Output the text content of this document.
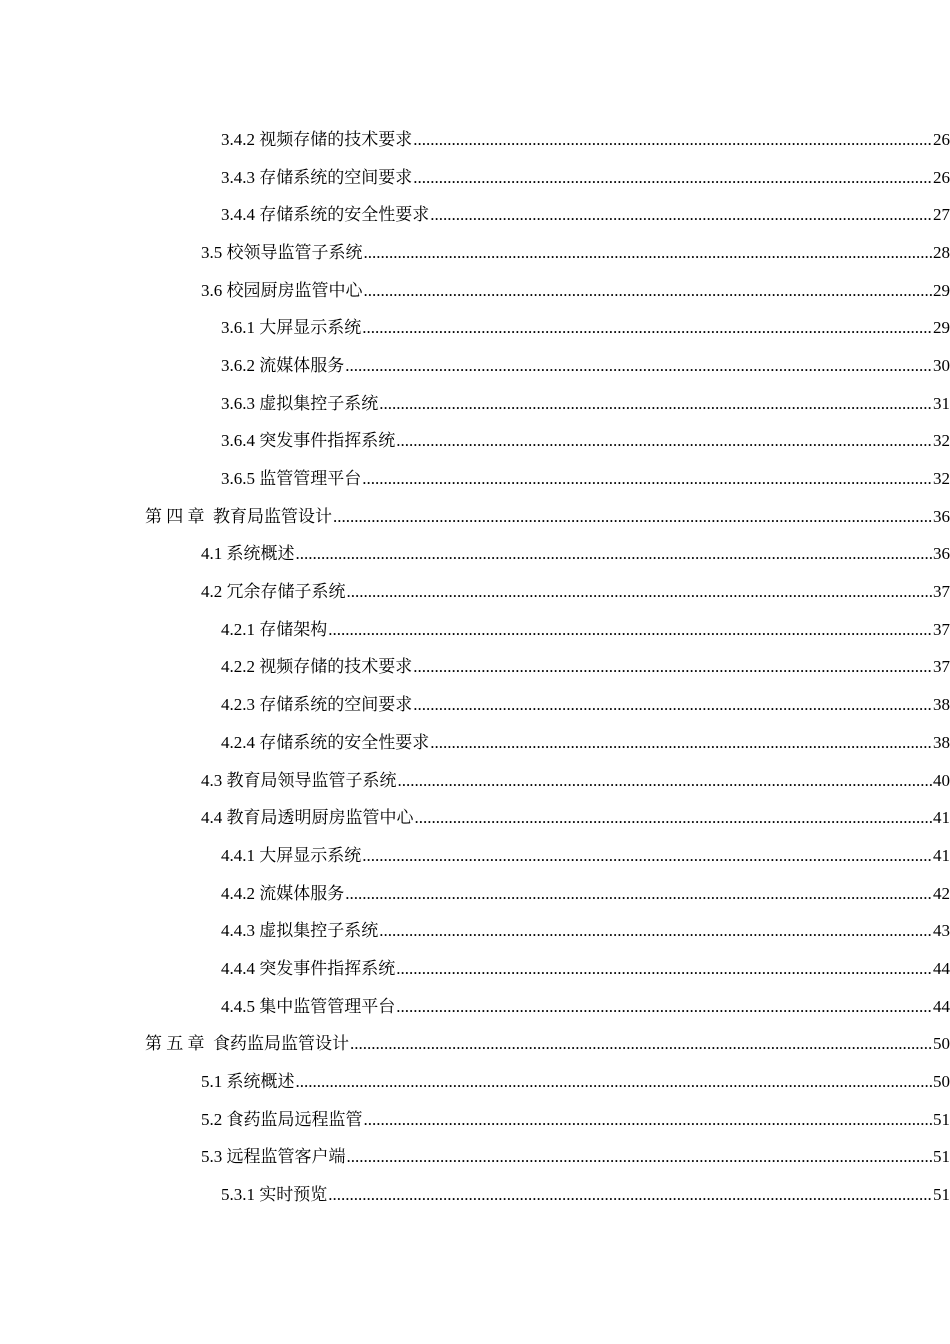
3.4.2 视频存储的技术要求 .....	26
3.4.3 存储系统的空间要求 .....	26
3.4.4 存储系统的安全性要求 .....	27
3.5 校领导监管子系统 .....	28
3.6 校园厨房监管中心 .....	29
3.6.1 大屏显示系统 .....	29
3.6.2 流媒体服务 .....	30
3.6.3 虚拟集控子系统 .....	31
3.6.4 突发事件指挥系统 .....	32
3.6.5 监管管理平台 .....	32
第 四 章  教育局监管设计 .....	36
4.1 系统概述 .....	36
4.2 冗余存储子系统 .....	37
4.2.1 存储架构 .....	37
4.2.2 视频存储的技术要求 .....	37
4.2.3 存储系统的空间要求 .....	38
4.2.4 存储系统的安全性要求 .....	38
4.3 教育局领导监管子系统 .....	40
4.4 教育局透明厨房监管中心 .....	41
4.4.1 大屏显示系统 .....	41
4.4.2 流媒体服务 .....	42
4.4.3 虚拟集控子系统 .....	43
4.4.4 突发事件指挥系统 .....	44
4.4.5 集中监管管理平台 .....	44
第 五 章  食药监局监管设计 .....	50
5.1 系统概述 .....	50
5.2 食药监局远程监管 .....	51
5.3 远程监管客户端 .....	51
5.3.1 实时预览 .....	51
